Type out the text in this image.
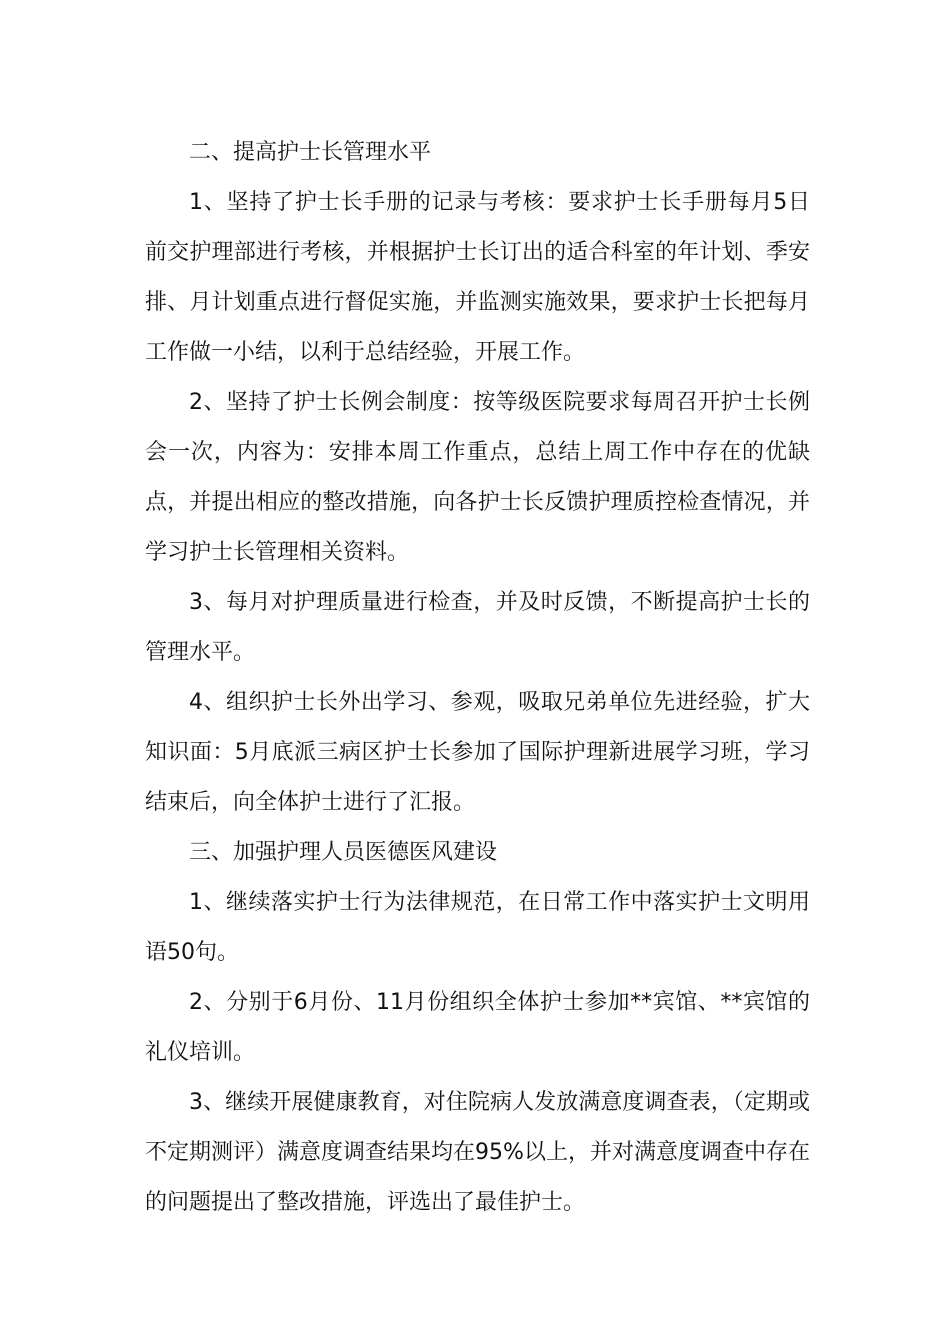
二、提高护士长管理水平

1、坚持了护士长手册的记录与考核：要求护士长手册每月5日前交护理部进行考核，并根据护士长订出的适合科室的年计划、季安排、月计划重点进行督促实施，并监测实施效果，要求护士长把每月工作做一小结，以利于总结经验，开展工作。

2、坚持了护士长例会制度：按等级医院要求每周召开护士长例会一次，内容为：安排本周工作重点，总结上周工作中存在的优缺点，并提出相应的整改措施，向各护士长反馈护理质控检查情况，并学习护士长管理相关资料。

3、每月对护理质量进行检查，并及时反馈，不断提高护士长的管理水平。

4、组织护士长外出学习、参观，吸取兄弟单位先进经验，扩大知识面：5月底派三病区护士长参加了国际护理新进展学习班，学习结束后，向全体护士进行了汇报。

三、加强护理人员医德医风建设

1、继续落实护士行为法律规范，在日常工作中落实护士文明用语50句。

2、分别于6月份、11月份组织全体护士参加**宾馆、**宾馆的礼仪培训。

3、继续开展健康教育，对住院病人发放满意度调查表，（定期或不定期测评）满意度调查结果均在95%以上，并对满意度调查中存在的问题提出了整改措施，评选出了最佳护士。
